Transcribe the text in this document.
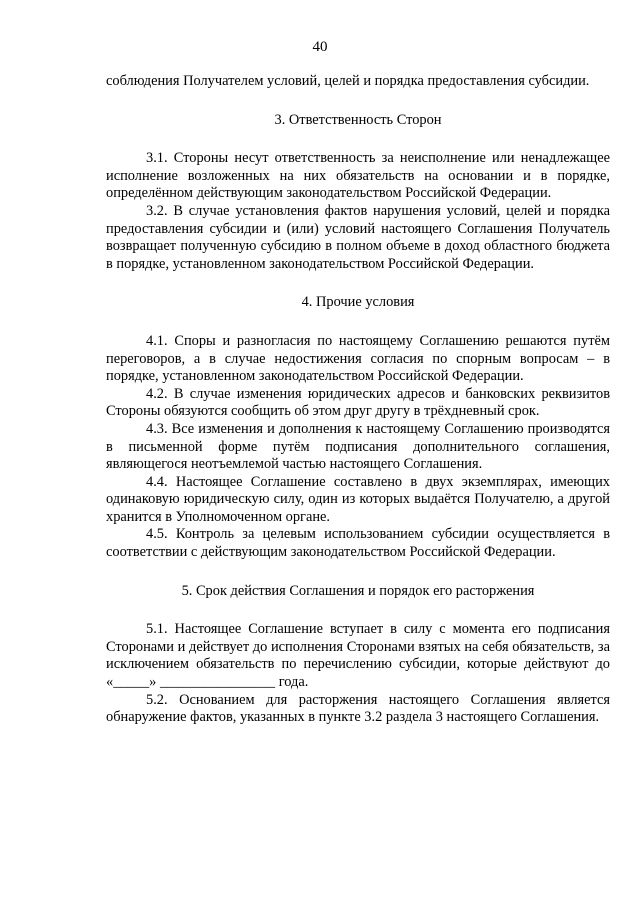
40

соблюдения Получателем условий, целей и порядка предоставления субсидии.

3. Ответственность Сторон

3.1. Стороны несут ответственность за неисполнение или ненадлежащее исполнение возложенных на них обязательств на основании и в порядке, определённом действующим законодательством Российской Федерации.

3.2. В случае установления фактов нарушения условий, целей и порядка предоставления субсидии и (или) условий настоящего Соглашения Получатель возвращает полученную субсидию в полном объеме в доход областного бюджета в порядке, установленном законодательством Российской Федерации.

4. Прочие условия

4.1. Споры и разногласия по настоящему Соглашению решаются путём переговоров, а в случае недостижения согласия по спорным вопросам – в порядке, установленном законодательством Российской Федерации.

4.2. В случае изменения юридических адресов и банковских реквизитов Стороны обязуются сообщить об этом друг другу в трёхдневный срок.

4.3. Все изменения и дополнения к настоящему Соглашению производятся в письменной форме путём подписания дополнительного соглашения, являющегося неотъемлемой частью настоящего Соглашения.

4.4. Настоящее Соглашение составлено в двух экземплярах, имеющих одинаковую юридическую силу, один из которых выдаётся Получателю, а другой хранится в Уполномоченном органе.

4.5. Контроль за целевым использованием субсидии осуществляется в соответствии с действующим законодательством Российской Федерации.

5. Срок действия Соглашения и порядок его расторжения

5.1. Настоящее Соглашение вступает в силу с момента его подписания Сторонами и действует до исполнения Сторонами взятых на себя обязательств, за исключением обязательств по перечислению субсидии, которые действуют до «_____» ________________ года.

5.2. Основанием для расторжения настоящего Соглашения является обнаружение фактов, указанных в пункте 3.2 раздела 3 настоящего Соглашения.
